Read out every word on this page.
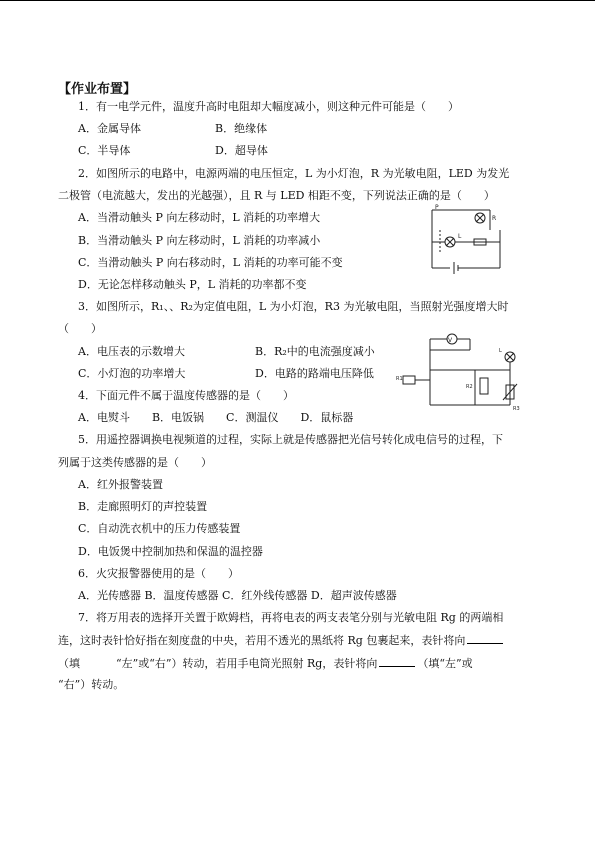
【作业布置】
1．有一电学元件，温度升高时电阻却大幅度减小，则这种元件可能是（　　）
A．金属导体	B．绝缘体
C．半导体	D．超导体
2．如图所示的电路中，电源两端的电压恒定，L 为小灯泡，R 为光敏电阻，LED 为发光
二极管（电流越大，发出的光越强），且 R 与 LED 相距不变，下列说法正确的是（　　）
A．当滑动触头 P 向左移动时，L 消耗的功率增大
B．当滑动触头 P 向左移动时，L 消耗的功率减小
C．当滑动触头 P 向右移动时，L 消耗的功率可能不变
D．无论怎样移动触头 P，L 消耗的功率都不变
P
R
L
3．如图所示，R₁、、R₂为定值电阻，L 为小灯泡，R3 为光敏电阻，当照射光强度增大时
（　　）
A．电压表的示数增大	B．R₂中的电流强度减小
C．小灯泡的功率增大	D．电路的路端电压降低
V
R1
R2
L
R3
4．下面元件不属于温度传感器的是（　　）
A．电熨斗　　B．电饭锅　　C．测温仪　　D．鼠标器
5．用遥控器调换电视频道的过程，实际上就是传感器把光信号转化成电信号的过程，下
列属于这类传感器的是（　　）
A．红外报警装置
B．走廊照明灯的声控装置
C．自动洗衣机中的压力传感装置
D．电饭煲中控制加热和保温的温控器
6．火灾报警器使用的是（　　）
A．光传感器 B．温度传感器 C．红外线传感器 D．超声波传感器
7．将万用表的选择开关置于欧姆档，再将电表的两支表笔分别与光敏电阻 Rg 的两端相
连，这时表针恰好指在刻度盘的中央，若用不透光的黑纸将 Rg 包裹起来，表针将向
（填	“左”或“右”）转动，若用手电筒光照射 Rg，表针将向	（填“左”或
“右”）转动。
